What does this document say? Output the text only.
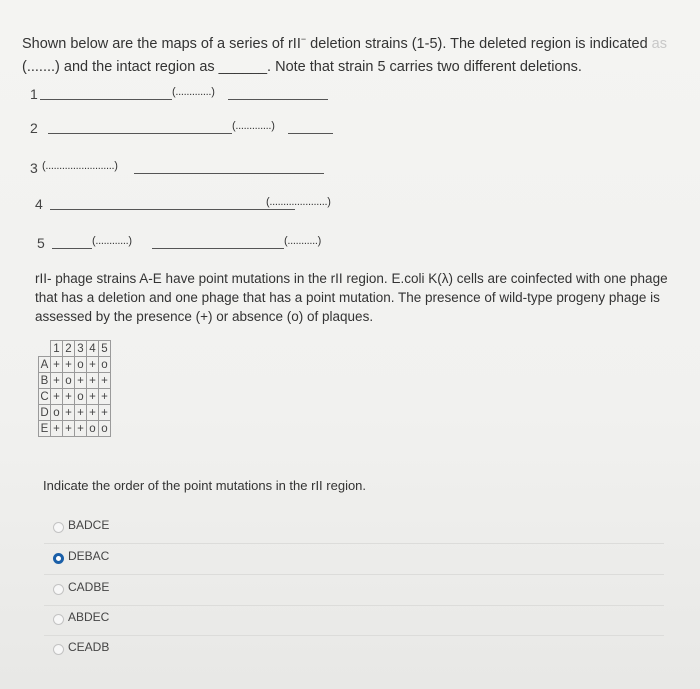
Shown below are the maps of a series of rII− deletion strains (1-5). The deleted region is indicated as
(.......) and the intact region as ______. Note that strain 5 carries two different deletions.
1	(.............)
2	(.............)
3 (.........................)
4	(.....................)
5	(............)	(...........)
rII- phage strains A-E have point mutations in the rII region. E.coli K(λ) cells are coinfected with one phage that has a deletion and one phage that has a point mutation. The presence of wild-type progeny phage is assessed by the presence (+) or absence (o) of plaques.
	1	2	3	4	5
A	+	+	o	+	o
B	+	o	+	+	+
C	+	+	o	+	+
D	o	+	+	+	+
E	+	+	+	o	o
Indicate the order of the point mutations in the rII region.
BADCE
DEBAC
CADBE
ABDEC
CEADB
